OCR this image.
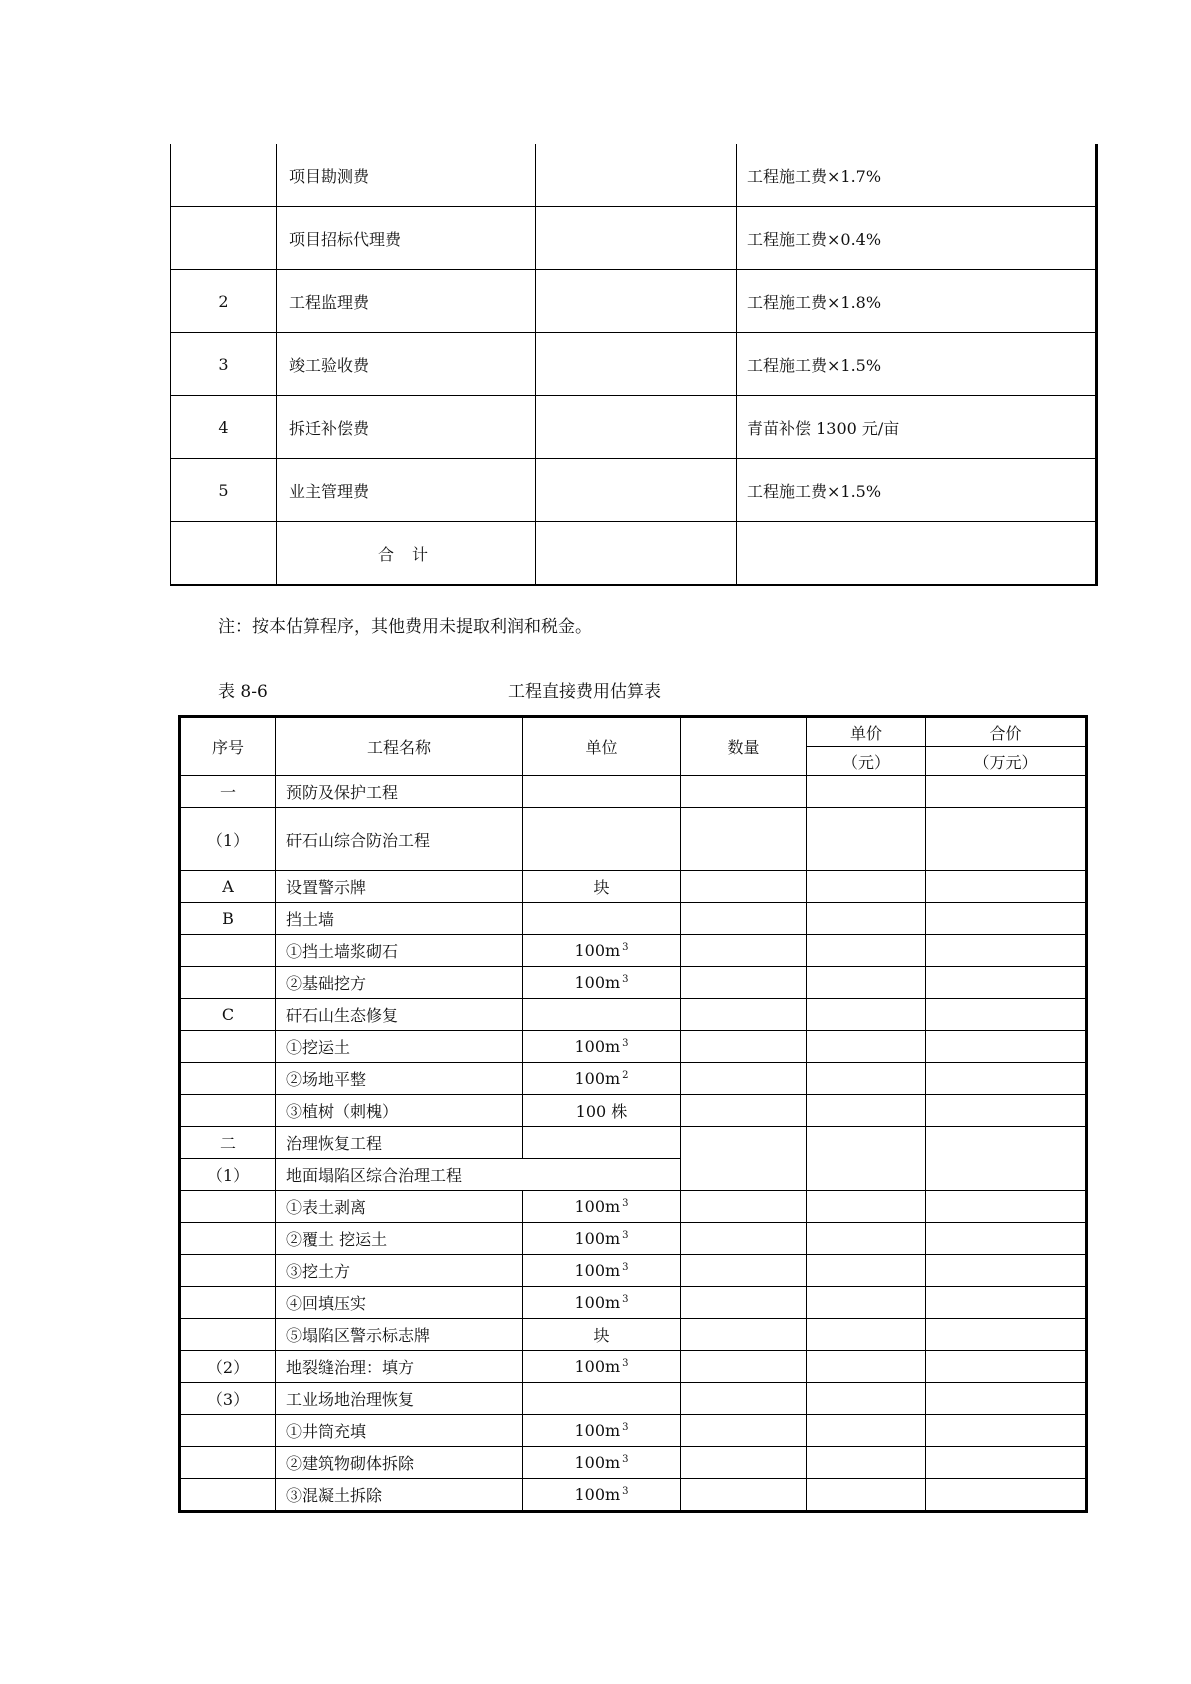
	项目勘测费		工程施工费×1.7%
	项目招标代理费		工程施工费×0.4%
2	工程监理费		工程施工费×1.8%
3	竣工验收费		工程施工费×1.5%
4	拆迁补偿费		青苗补偿 1300 元/亩
5	业主管理费		工程施工费×1.5%
	合计		
注：按本估算程序，其他费用未提取利润和税金。
表 8-6	工程直接费用估算表
序号	工程名称	单位	数量	单价	合价
				（元）	（万元）
一	预防及保护工程				
（1）	矸石山综合防治工程				
A	设置警示牌	块			
B	挡土墙				
	①挡土墙浆砌石	100m $^3$			
	②基础挖方	100m $^3$			
C	矸石山生态修复				
	①挖运土	100m $^3$			
	②场地平整	100m $^2$			
	③植树（刺槐）	100 株			
二	治理恢复工程				
（1）	地面塌陷区综合治理工程				
	①表土剥离	100m $^3$			
	②覆土 挖运土	100m $^3$			
	③挖土方	100m $^3$			
	④回填压实	100m $^3$			
	⑤塌陷区警示标志牌	块			
（2）	地裂缝治理：填方	100m $^3$			
（3）	工业场地治理恢复				
	①井筒充填	100m $^3$			
	②建筑物砌体拆除	100m $^3$			
	③混凝土拆除	100m $^3$			
